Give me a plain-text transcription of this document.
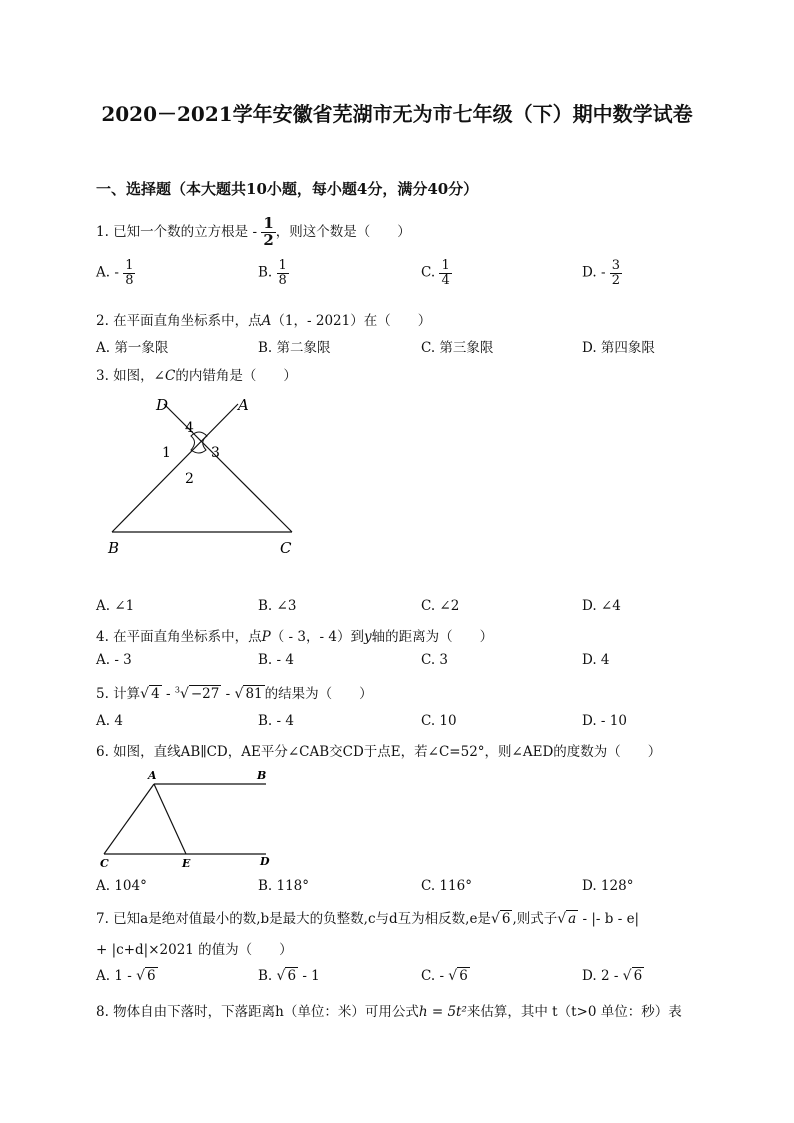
2020－2021学年安徽省芜湖市无为市七年级（下）期中数学试卷
一、选择题（本大题共10小题，每小题4分，满分40分）
1. 已知一个数的立方根是 - $\frac{1}{2}$ ，则这个数是（　　）
A. - $\frac{1}{8}$	B. $\frac{1}{8}$	C. $\frac{1}{4}$	D. - $\frac{3}{2}$
2. 在平面直角坐标系中，点A（1，- 2021）在（　　）
A. 第一象限	B. 第二象限	C. 第三象限	D. 第四象限
3. 如图，∠C的内错角是（　　）
D	A
B	C
4
1	3
2
A. ∠1	B. ∠3	C. ∠2	D. ∠4
4. 在平面直角坐标系中，点P（ - 3，- 4）到y轴的距离为（　　）
A. - 3	B. - 4	C. 3	D. 4
5. 计算√ 4 - $^3$√ −27 - √ 81 的结果为（　　）
A. 4	B. - 4	C. 10	D. - 10
6. 如图，直线AB∥CD，AE平分∠CAB交CD于点E，若∠C=52°，则∠AED的度数为（　　）
A	B
C	E	D
A. 104°	B. 118°	C. 116°	D. 128°
7. 已知a是绝对值最小的数,b是最大的负整数,c与d互为相反数,e是√ 6 ,则式子√ a - |- b - e|
+ |c+d|×2021 的值为（　　）
A. 1 - √ 6	B. √ 6 - 1	C. - √ 6	D. 2 - √ 6
8. 物体自由下落时，下落距离h（单位：米）可用公式h = 5t²来估算，其中 t（t>0 单位：秒）表
